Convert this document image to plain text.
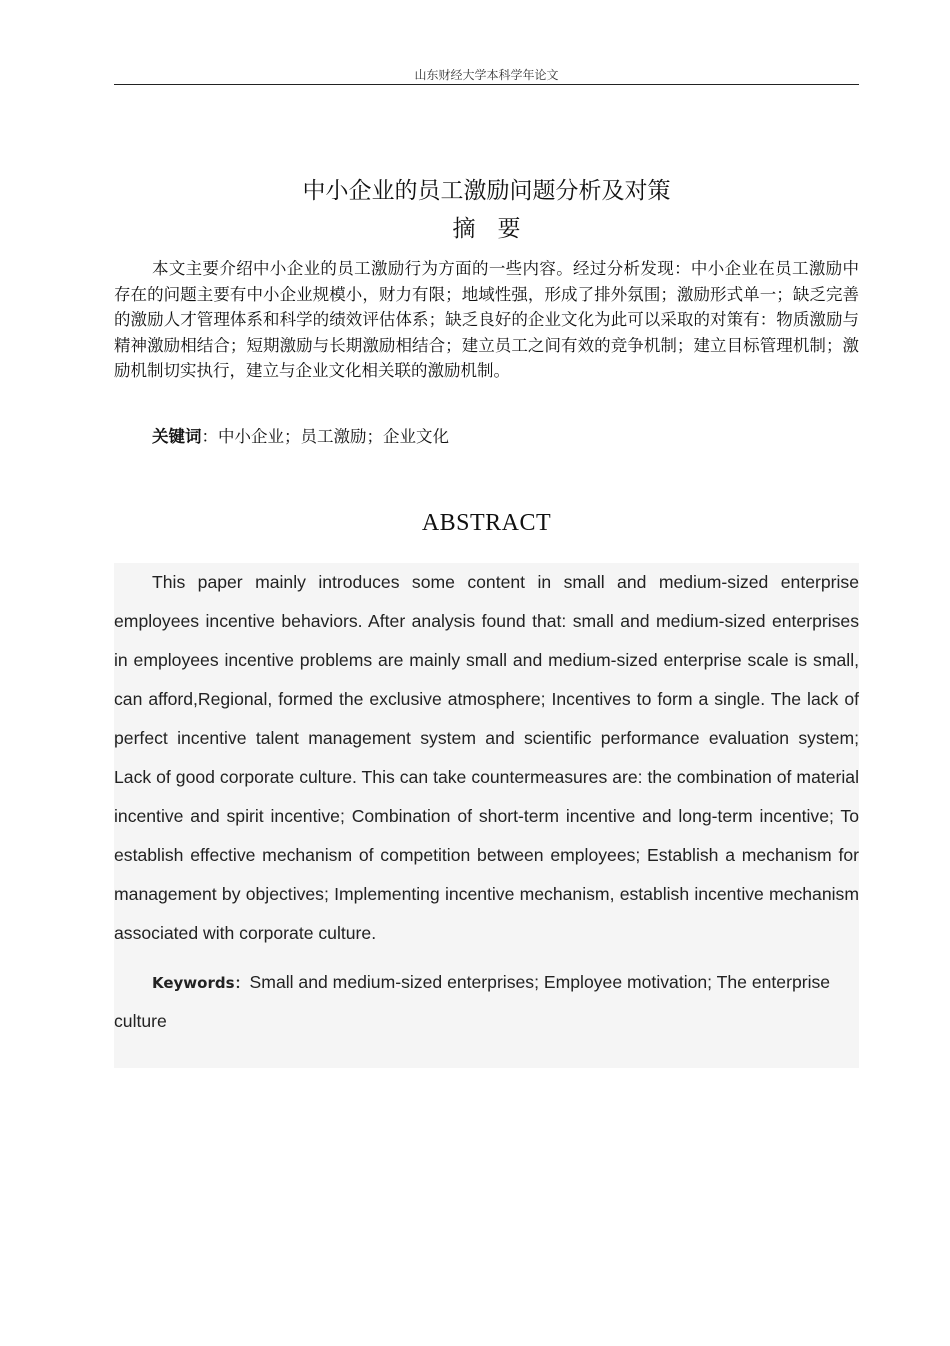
山东财经大学本科学年论文
中小企业的员工激励问题分析及对策
摘要

本文主要介绍中小企业的员工激励行为方面的一些内容。经过分析发现：中小企业在员工激励中存在的问题主要有中小企业规模小，财力有限；地域性强，形成了排外氛围；激励形式单一；缺乏完善的激励人才管理体系和科学的绩效评估体系；缺乏良好的企业文化为此可以采取的对策有：物质激励与精神激励相结合；短期激励与长期激励相结合；建立员工之间有效的竞争机制；建立目标管理机制；激励机制切实执行，建立与企业文化相关联的激励机制。

关键词：中小企业；员工激励；企业文化
ABSTRACT

This paper mainly introduces some content in small and medium-sized enterprise employees incentive behaviors. After analysis found that: small and medium-sized enterprises in employees incentive problems are mainly small and medium-sized enterprise scale is small, can afford,Regional, formed the exclusive atmosphere; Incentives to form a single. The lack of perfect incentive talent management system and scientific performance evaluation system; Lack of good corporate culture. This can take countermeasures are: the combination of material incentive and spirit incentive; Combination of short-term incentive and long-term incentive; To establish effective mechanism of competition between employees; Establish a mechanism for management by objectives; Implementing incentive mechanism, establish incentive mechanism associated with corporate culture.

Keywords：Small and medium-sized enterprises; Employee motivation; The enterprise culture
